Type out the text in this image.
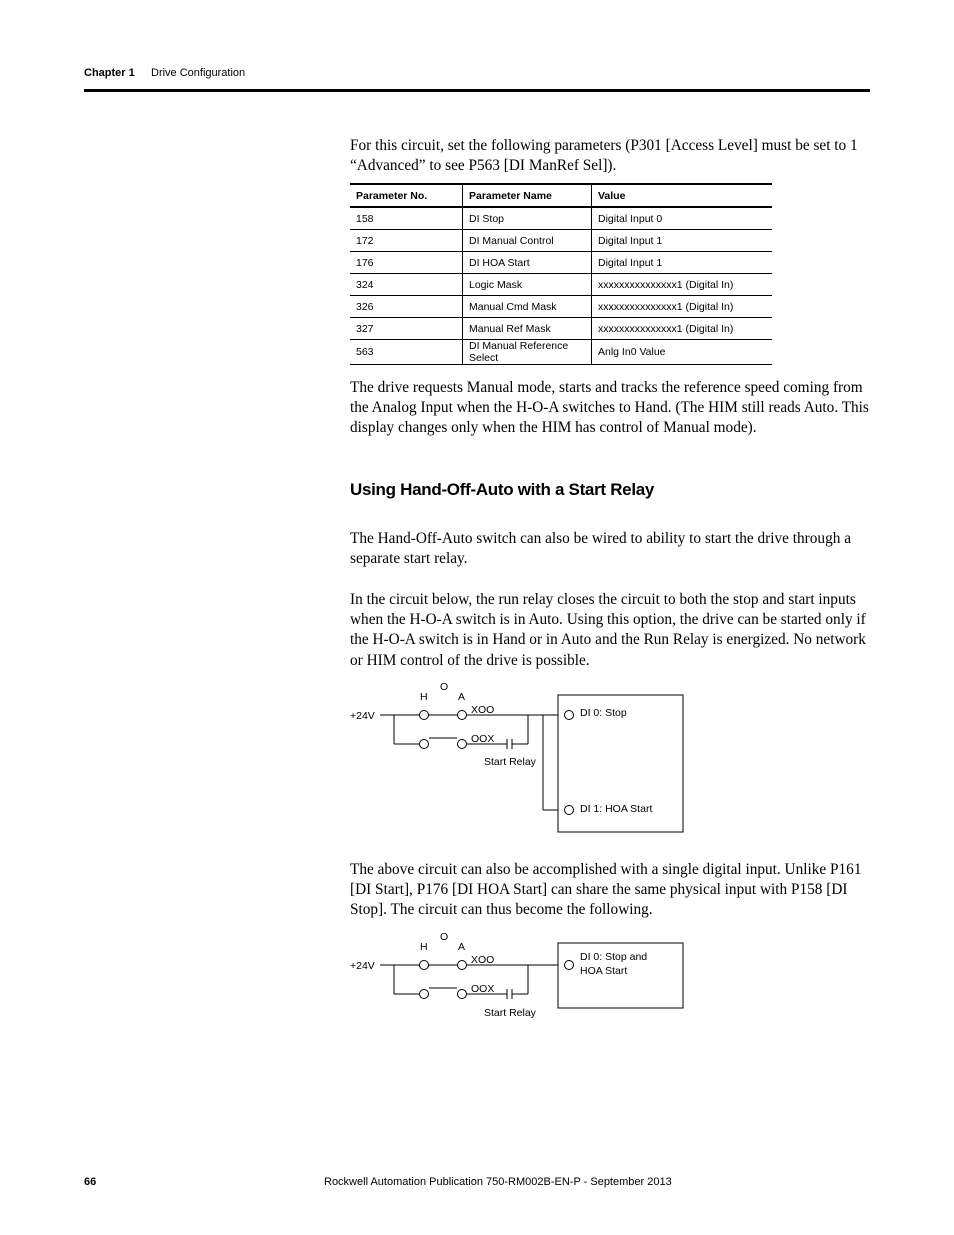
Chapter 1 Drive Configuration

For this circuit, set the following parameters (P301 [Access Level] must be set to 1 “Advanced” to see P563 [DI ManRef Sel]).

Parameter No.	Parameter Name	Value
158	DI Stop	Digital Input 0
172	DI Manual Control	Digital Input 1
176	DI HOA Start	Digital Input 1
324	Logic Mask	xxxxxxxxxxxxxxx1 (Digital In)
326	Manual Cmd Mask	xxxxxxxxxxxxxxx1 (Digital In)
327	Manual Ref Mask	xxxxxxxxxxxxxxx1 (Digital In)
563	DI Manual Reference Select	Anlg In0 Value

The drive requests Manual mode, starts and tracks the reference speed coming from the Analog Input when the H-O-A switches to Hand. (The HIM still reads Auto. This display changes only when the HIM has control of Manual mode).

Using Hand-Off-Auto with a Start Relay

The Hand-Off-Auto switch can also be wired to ability to start the drive through a separate start relay.

In the circuit below, the run relay closes the circuit to both the stop and start inputs when the H-O-A switch is in Auto. Using this option, the drive can be started only if the H-O-A switch is in Hand or in Auto and the Run Relay is energized. No network or HIM control of the drive is possible.

+24V
H
O
A
XOO
OOX
Start Relay
DI 0: Stop
DI 1: HOA Start

The above circuit can also be accomplished with a single digital input. Unlike P161 [DI Start], P176 [DI HOA Start] can share the same physical input with P158 [DI Stop]. The circuit can thus become the following.

+24V
H
O
A
XOO
OOX
Start Relay
DI 0: Stop and
HOA Start
66	Rockwell Automation Publication 750-RM002B-EN-P - September 2013
